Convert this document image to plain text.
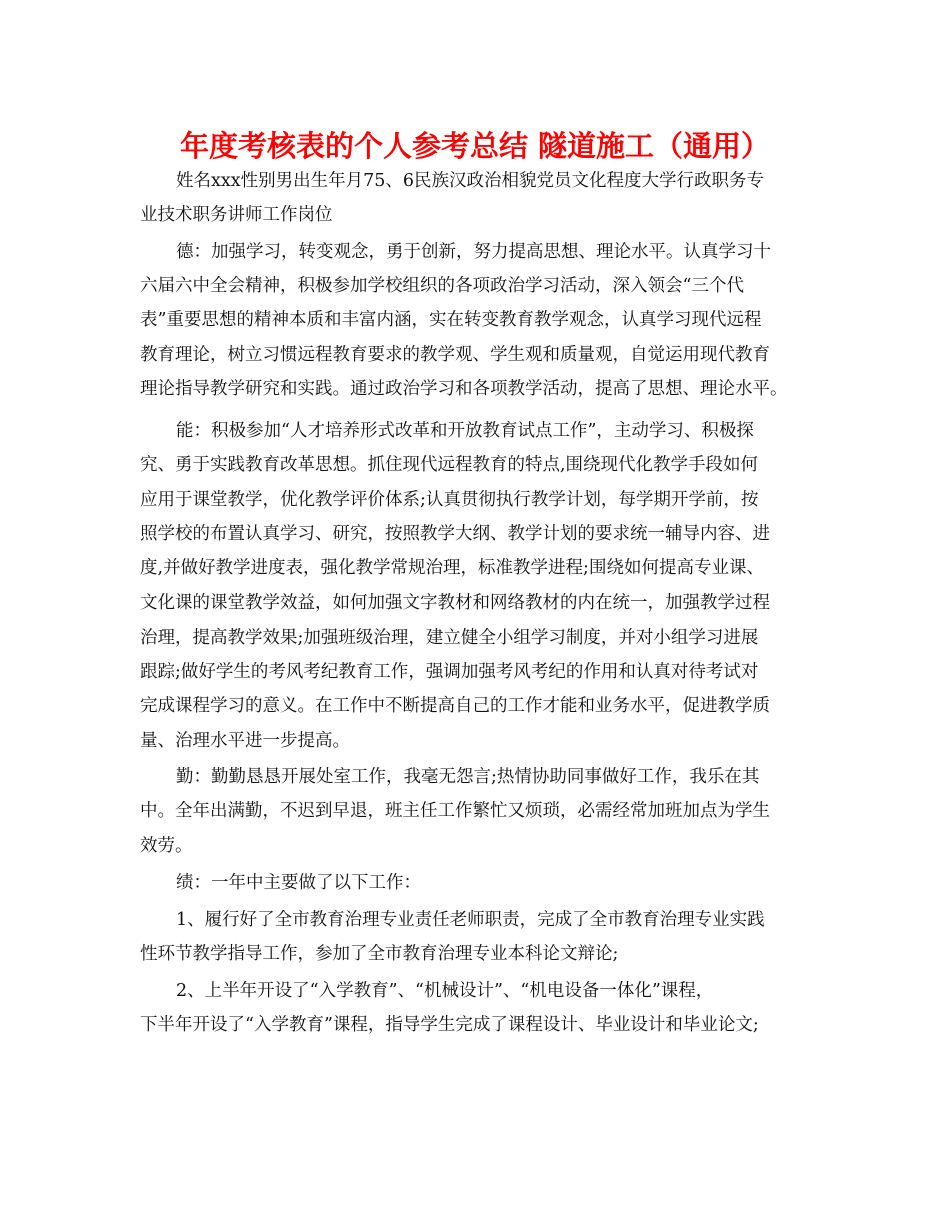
年度考核表的个人参考总结 隧道施工（通用）
姓名xxx性别男出生年月75、6民族汉政治相貌党员文化程度大学行政职务专
业技术职务讲师工作岗位
德：加强学习，转变观念，勇于创新，努力提高思想、理论水平。认真学习十
六届六中全会精神，积极参加学校组织的各项政治学习活动，深入领会“三个代
表”重要思想的精神本质和丰富内涵，实在转变教育教学观念，认真学习现代远程
教育理论，树立习惯远程教育要求的教学观、学生观和质量观，自觉运用现代教育
理论指导教学研究和实践。通过政治学习和各项教学活动，提高了思想、理论水平。
能：积极参加“人才培养形式改革和开放教育试点工作”，主动学习、积极探
究、勇于实践教育改革思想。抓住现代远程教育的特点,围绕现代化教学手段如何
应用于课堂教学，优化教学评价体系;认真贯彻执行教学计划，每学期开学前，按
照学校的布置认真学习、研究，按照教学大纲、教学计划的要求统一辅导内容、进
度,并做好教学进度表，强化教学常规治理，标准教学进程;围绕如何提高专业课、
文化课的课堂教学效益，如何加强文字教材和网络教材的内在统一，加强教学过程
治理，提高教学效果;加强班级治理，建立健全小组学习制度，并对小组学习进展
跟踪;做好学生的考风考纪教育工作，强调加强考风考纪的作用和认真对待考试对
完成课程学习的意义。在工作中不断提高自己的工作才能和业务水平，促进教学质
量、治理水平进一步提高。
勤：勤勤恳恳开展处室工作，我毫无怨言;热情协助同事做好工作，我乐在其
中。全年出满勤，不迟到早退，班主任工作繁忙又烦琐，必需经常加班加点为学生
效劳。
绩：一年中主要做了以下工作：
1、履行好了全市教育治理专业责任老师职责，完成了全市教育治理专业实践
性环节教学指导工作，参加了全市教育治理专业本科论文辩论;
2、上半年开设了“入学教育”、“机械设计”、“机电设备一体化”课程，
下半年开设了“入学教育”课程，指导学生完成了课程设计、毕业设计和毕业论文;
